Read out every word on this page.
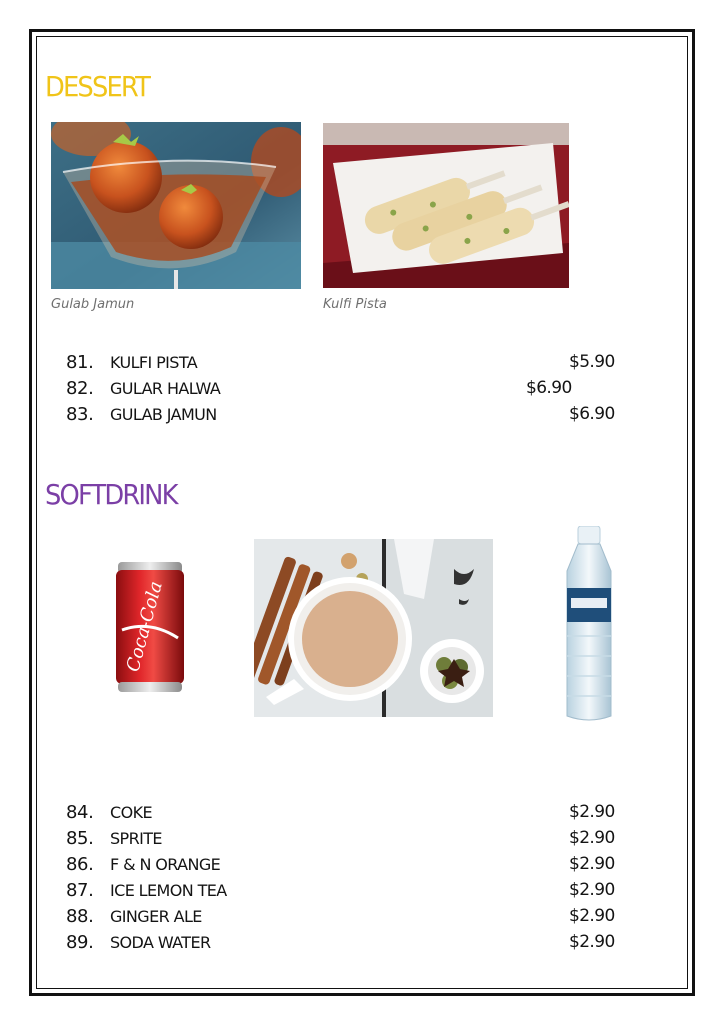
DESSERT
Gulab Jamun	Kulfi Pista
81. KULFI PISTA	$5.90
82. GULAR HALWA	$6.90
83. GULAB JAMUN	$6.90
SOFTDRINK
Coca-Cola
84. COKE	$2.90
85. SPRITE	$2.90
86. F & N ORANGE	$2.90
87. ICE LEMON TEA	$2.90
88. GINGER ALE	$2.90
89. SODA WATER	$2.90
